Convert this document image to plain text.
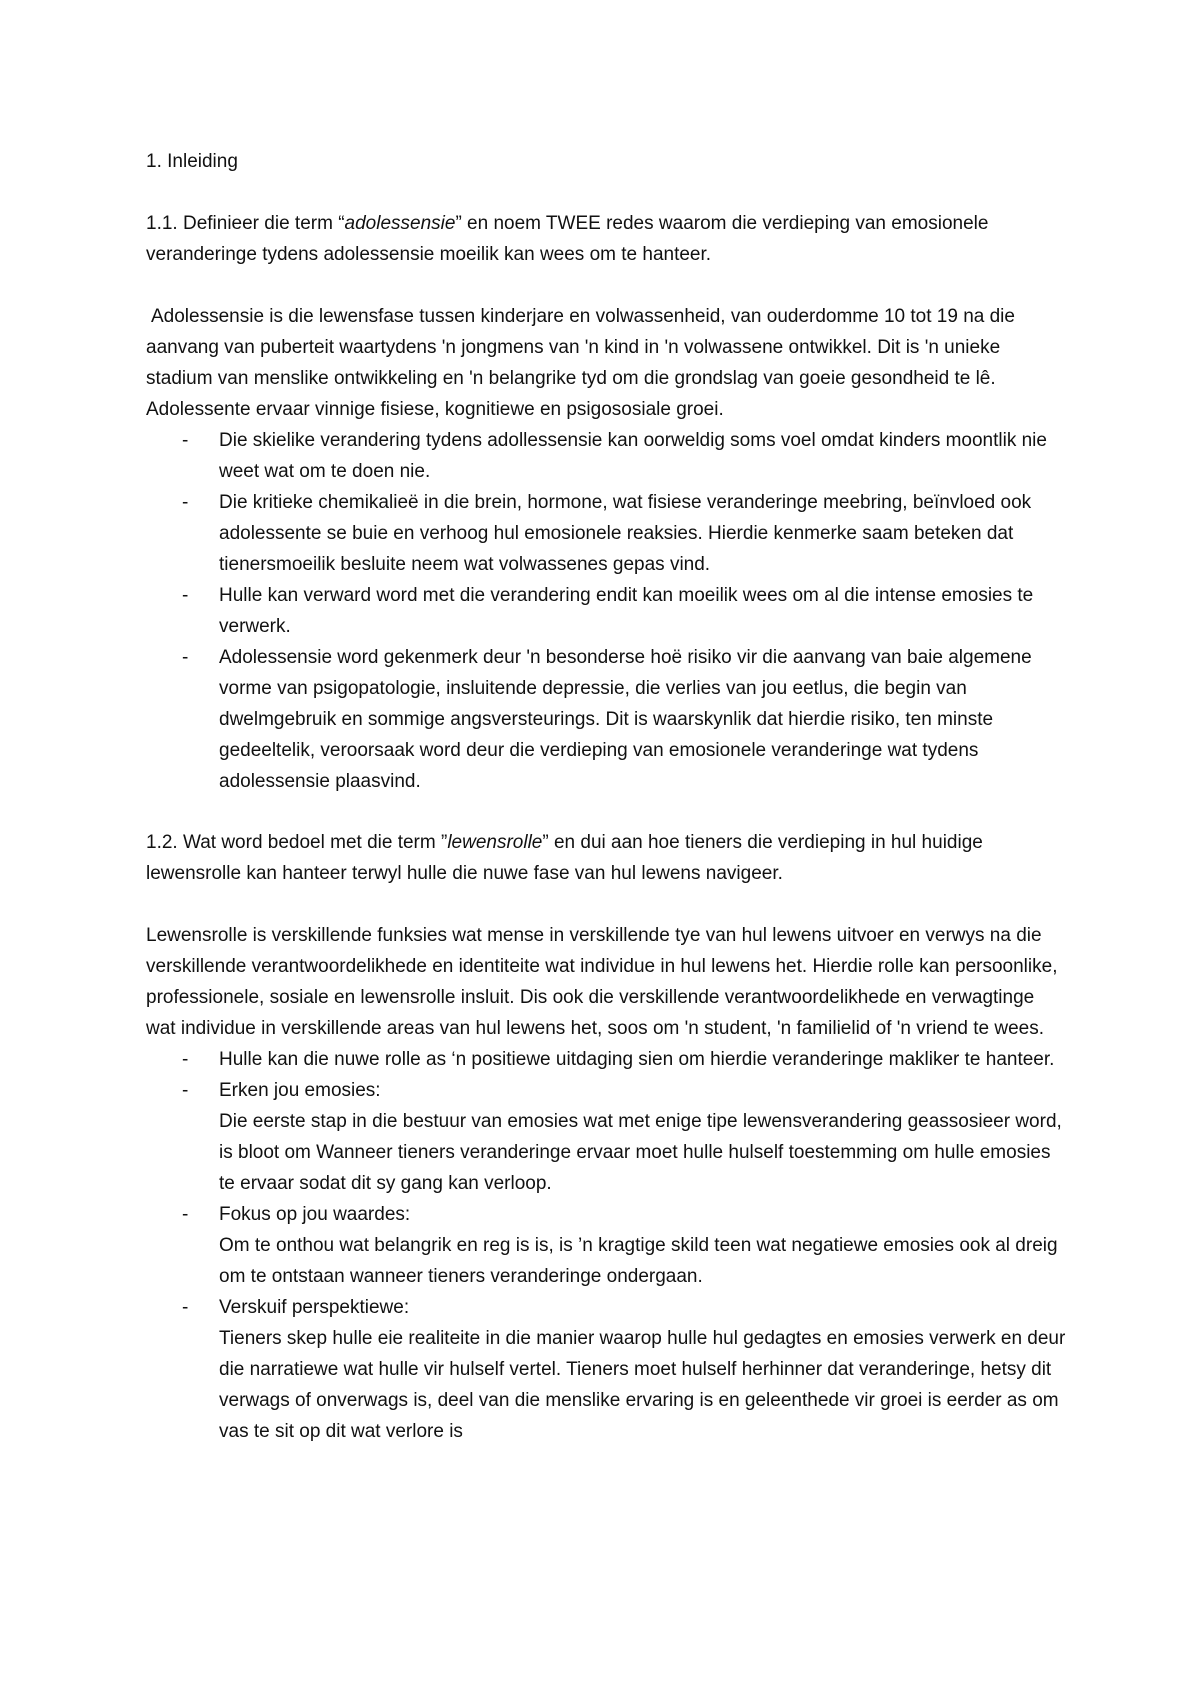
1. Inleiding

1.1. Definieer die term “adolessensie” en noem TWEE redes waarom die verdieping van emosionele veranderinge tydens adolessensie moeilik kan wees om te hanteer.

Adolessensie is die lewensfase tussen kinderjare en volwassenheid, van ouderdomme 10 tot 19 na die aanvang van puberteit waartydens 'n jongmens van 'n kind in 'n volwassene ontwikkel. Dit is 'n unieke stadium van menslike ontwikkeling en 'n belangrike tyd om die grondslag van goeie gesondheid te lê. Adolessente ervaar vinnige fisiese, kognitiewe en psigososiale groei.

- Die skielike verandering tydens adollessensie kan oorweldig soms voel omdat kinders moontlik nie weet wat om te doen nie.
- Die kritieke chemikalieë in die brein, hormone, wat fisiese veranderinge meebring, beïnvloed ook adolessente se buie en verhoog hul emosionele reaksies. Hierdie kenmerke saam beteken dat tienersmoeilik besluite neem wat volwassenes gepas vind.
- Hulle kan verward word met die verandering endit kan moeilik wees om al die intense emosies te verwerk.
- Adolessensie word gekenmerk deur 'n besonderse hoë risiko vir die aanvang van baie algemene vorme van psigopatologie, insluitende depressie, die verlies van jou eetlus, die begin van dwelmgebruik en sommige angsversteurings. Dit is waarskynlik dat hierdie risiko, ten minste gedeeltelik, veroorsaak word deur die verdieping van emosionele veranderinge wat tydens adolessensie plaasvind.

1.2. Wat word bedoel met die term ”lewensrolle” en dui aan hoe tieners die verdieping in hul huidige lewensrolle kan hanteer terwyl hulle die nuwe fase van hul lewens navigeer.

Lewensrolle is verskillende funksies wat mense in verskillende tye van hul lewens uitvoer en verwys na die verskillende verantwoordelikhede en identiteite wat individue in hul lewens het. Hierdie rolle kan persoonlike, professionele, sosiale en lewensrolle insluit. Dis ook die verskillende verantwoordelikhede en verwagtinge wat individue in verskillende areas van hul lewens het, soos om 'n student, 'n familielid of 'n vriend te wees.

- Hulle kan die nuwe rolle as ‘n positiewe uitdaging sien om hierdie veranderinge makliker te hanteer.
- Erken jou emosies:
Die eerste stap in die bestuur van emosies wat met enige tipe lewensverandering geassosieer word, is bloot om Wanneer tieners veranderinge ervaar moet hulle hulself toestemming om hulle emosies te ervaar sodat dit sy gang kan verloop.
- Fokus op jou waardes:
Om te onthou wat belangrik en reg is is, is ’n kragtige skild teen wat negatiewe emosies ook al dreig om te ontstaan wanneer tieners veranderinge ondergaan.
- Verskuif perspektiewe:
Tieners skep hulle eie realiteite in die manier waarop hulle hul gedagtes en emosies verwerk en deur die narratiewe wat hulle vir hulself vertel. Tieners moet hulself herhinner dat veranderinge, hetsy dit verwags of onverwags is, deel van die menslike ervaring is en geleenthede vir groei is eerder as om vas te sit op dit wat verlore is
